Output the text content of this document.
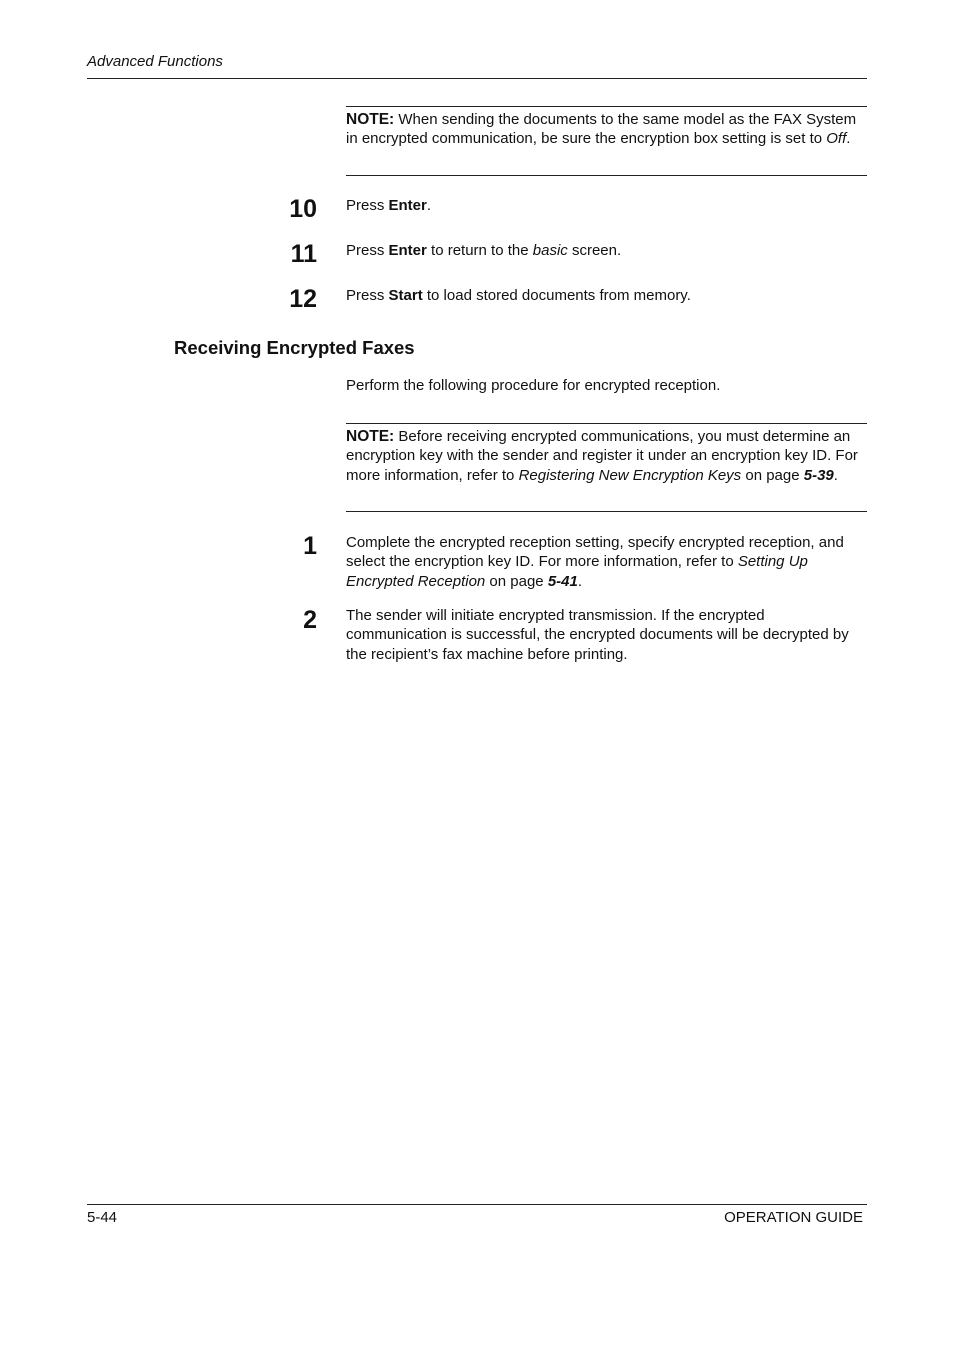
Advanced Functions
NOTE: When sending the documents to the same model as the FAX System in encrypted communication, be sure the encryption box setting is set to Off.
10 Press Enter.
11 Press Enter to return to the basic screen.
12 Press Start to load stored documents from memory.
Receiving Encrypted Faxes
Perform the following procedure for encrypted reception.
NOTE: Before receiving encrypted communications, you must determine an encryption key with the sender and register it under an encryption key ID. For more information, refer to Registering New Encryption Keys on page 5-39.
1 Complete the encrypted reception setting, specify encrypted reception, and select the encryption key ID. For more information, refer to Setting Up Encrypted Reception on page 5-41.
2 The sender will initiate encrypted transmission. If the encrypted communication is successful, the encrypted documents will be decrypted by the recipient’s fax machine before printing.
5-44	OPERATION GUIDE
